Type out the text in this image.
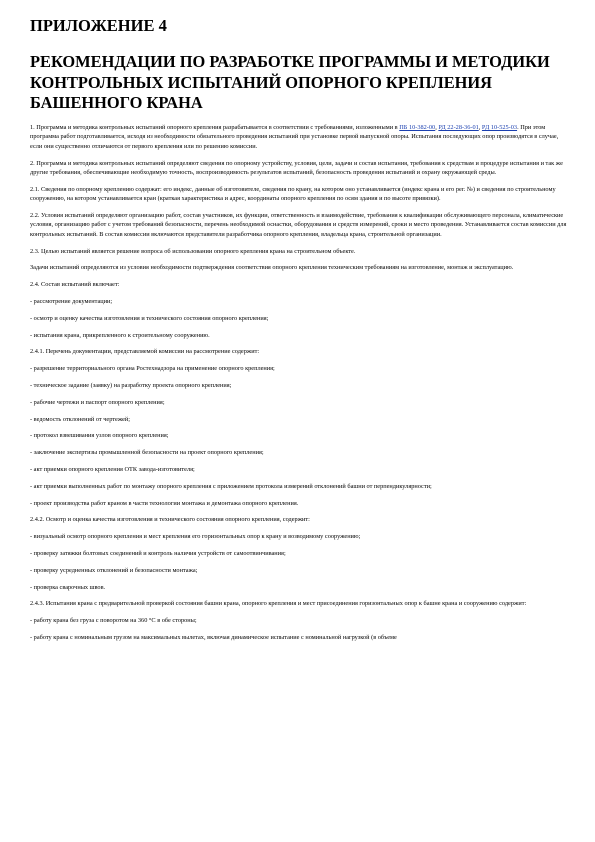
ПРИЛОЖЕНИЕ 4
РЕКОМЕНДАЦИИ ПО РАЗРАБОТКЕ ПРОГРАММЫ И МЕТОДИКИ КОНТРОЛЬНЫХ ИСПЫТАНИЙ ОПОРНОГО КРЕПЛЕНИЯ БАШЕННОГО КРАНА

1. Программа и методика контрольных испытаний опорного крепления разрабатывается в соответствии с требованиями, изложенными в ПБ 10-382-00, РД 22-28-36-01, РД 10-525-03. При этом программа работ подготавливается, исходя из необходимости обязательного проведения испытаний при установке первой выпускной опоры. Испытания последующих опор производятся в случае, если они существенно отличаются от первого крепления или по решению комиссии.

2. Программа и методика контрольных испытаний определяют сведения по опорному устройству, условия, цели, задачи и состав испытания, требования к средствам и процедуре испытания и так же другие требования, обеспечивающие необходимую точность, воспроизводимость результатов испытаний, безопасность проведения испытаний и охрану окружающей среды.

2.1. Сведения по опорному креплению содержат: его индекс, данные об изготовителе, сведения по крану, на котором оно устанавливается (индекс крана и его рег. №) и сведения по строительному сооружению, на котором устанавливается кран (краткая характеристика и адрес, координаты опорного крепления по осям здания и по высоте привязки).

2.2. Условия испытаний определяют организацию работ, состав участников, их функции, ответственность и взаимодействие, требования к квалификации обслуживающего персонала, климатические условия, организацию работ с учетом требований безопасности, перечень необходимой оснастки, оборудования и средств измерений, сроки и место проведения. Устанавливается состав комиссии для контрольных испытаний. В состав комиссии включаются представители разработчика опорного крепления, владельца крана, строительной организации.

2.3. Целью испытаний является решение вопроса об использовании опорного крепления крана на строительном объекте.

Задачи испытаний определяются из условия необходимости подтверждения соответствия опорного крепления техническим требованиям на изготовление, монтаж и эксплуатацию.

2.4. Состав испытаний включает:

- рассмотрение документации;

- осмотр и оценку качества изготовления и технического состояния опорного крепления;

- испытания крана, прикрепленного к строительному сооружению.

2.4.1. Перечень документации, представляемой комиссии на рассмотрение содержит:

- разрешение территориального органа Ростехнадзора на применение опорного крепления;

- техническое задание (заявку) на разработку проекта опорного крепления;

- рабочие чертежи и паспорт опорного крепления;

- ведомость отклонений от чертежей;

- протокол взвешивания узлов опорного крепления;

- заключение экспертизы промышленной безопасности на проект опорного крепления;

- акт приемки опорного крепления ОТК завода-изготовителя;

- акт приемки выполненных работ по монтажу опорного крепления с приложением протокола измерений отклонений башни от перпендикулярности;

- проект производства работ краном в части технологии монтажа и демонтажа опорного крепления.

2.4.2. Осмотр и оценка качества изготовления и технического состояния опорного крепления, содержит:

- визуальный осмотр опорного крепления и мест крепления его горизонтальных опор к крану и возводимому сооружению;

- проверку затяжки болтовых соединений и контроль наличия устройств от самоотвинчивания;

- проверку усредненных отклонений и безопасности монтажа;

- проверка сварочных швов.

2.4.3. Испытания крана с предварительной проверкой состояния башни крана, опорного крепления и мест присоединения горизонтальных опор к башне крана и сооружению содержит:

- работу крана без груза с поворотом на 360 °С в обе стороны;

- работу крана с номинальным грузом на максимальных вылетах, включая динамическое испытание с номинальной нагрузкой (в объеме
